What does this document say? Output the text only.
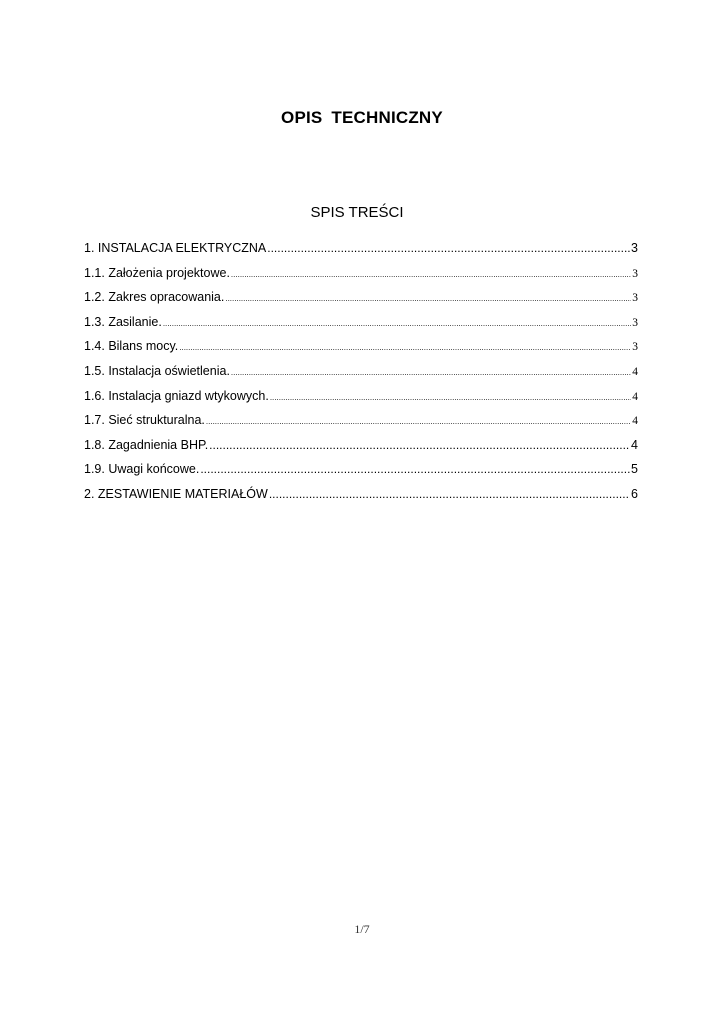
OPIS TECHNICZNY
SPIS TREŚCI
1. INSTALACJA ELEKTRYCZNA .....	3
1.1. Założenia projektowe. .....	3
1.2. Zakres opracowania. .....	3
1.3. Zasilanie. .....	3
1.4. Bilans mocy. .....	3
1.5. Instalacja oświetlenia. .....	4
1.6. Instalacja gniazd wtykowych. .....	4
1.7. Sieć strukturalna. .....	4
1.8. Zagadnienia BHP. .....	4
1.9. Uwagi końcowe. .....	5
2. ZESTAWIENIE MATERIAŁÓW .....	6
1/7
